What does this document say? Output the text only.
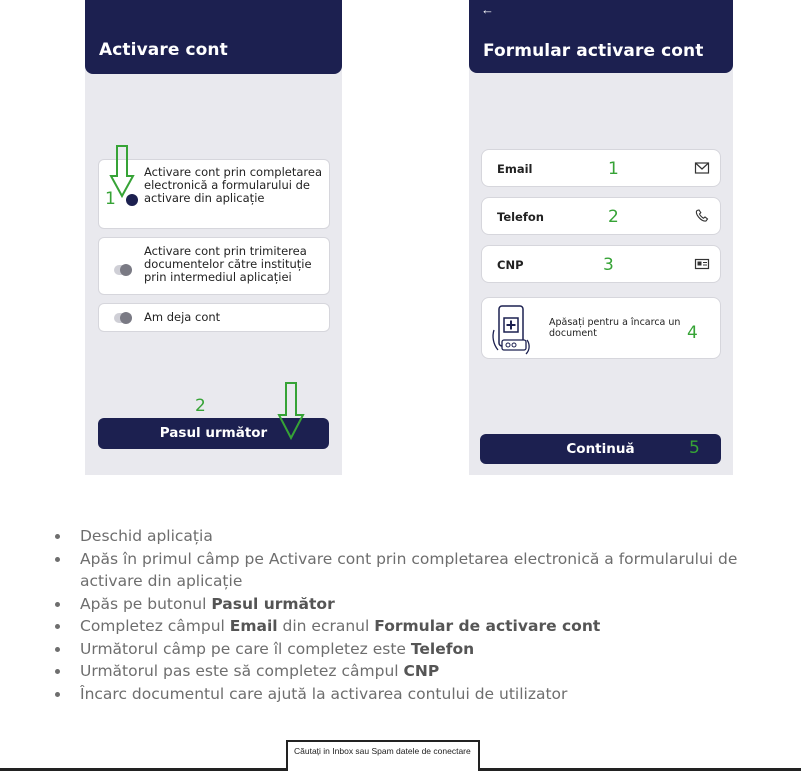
Activare cont
Activare cont prin completarea electronică a formularului de activare din aplicație
Activare cont prin trimiterea documentelor către instituție prin intermediul aplicației
Am deja cont
1
2
Pasul următor
←
Formular activare cont
Email	1
Telefon	2
CNP	3
Apăsați pentru a încarca un document	4
Continuă	5
Deschid aplicația
Apăs în primul câmp pe Activare cont prin completarea electronică a formularului de activare din aplicație
Apăs pe butonul Pasul următor
Completez câmpul Email din ecranul Formular de activare cont
Următorul câmp pe care îl completez este Telefon
Următorul pas este să completez câmpul CNP
Încarc documentul care ajută la activarea contului de utilizator
Căutați in Inbox sau Spam datele de conectare
